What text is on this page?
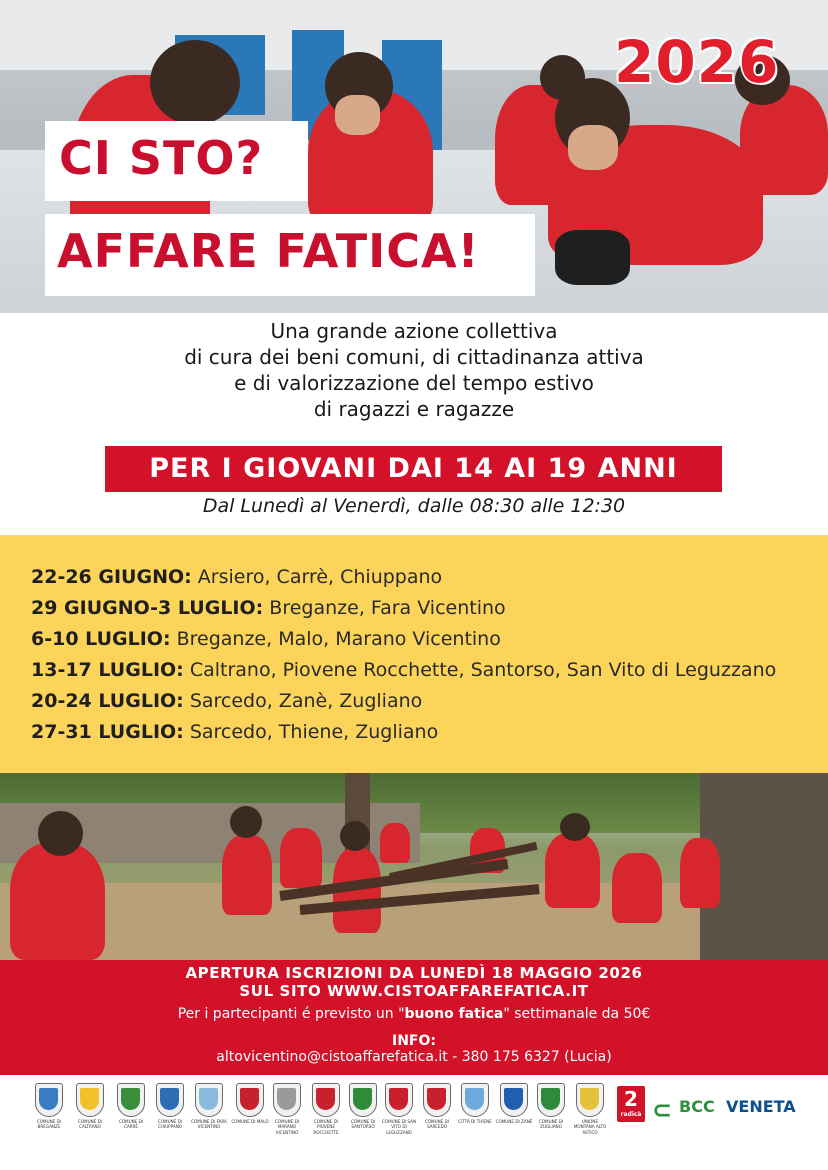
2026
CI STO?
AFFARE FATICA!
Una grande azione collettiva
di cura dei beni comuni, di cittadinanza attiva
e di valorizzazione del tempo estivo
di ragazzi e ragazze
PER I GIOVANI DAI 14 AI 19 ANNI
Dal Lunedì al Venerdì, dalle 08:30 alle 12:30
22-26 GIUGNO: Arsiero, Carrè, Chiuppano
29 GIUGNO-3 LUGLIO: Breganze, Fara Vicentino
6-10 LUGLIO: Breganze, Malo, Marano Vicentino
13-17 LUGLIO: Caltrano, Piovene Rocchette, Santorso, San Vito di Leguzzano
20-24 LUGLIO: Sarcedo, Zanè, Zugliano
27-31 LUGLIO: Sarcedo, Thiene, Zugliano
APERTURA ISCRIZIONI DA LUNEDÌ 18 MAGGIO 2026
SUL SITO WWW.CISTOAFFAREFATICA.IT
Per i partecipanti é previsto un "buono fatica" settimanale da 50€
INFO:
altovicentino@cistoaffarefatica.it - 380 175 6327 (Lucia)
COMUNE DI BREGANZE
COMUNE DI CALTRANO
COMUNE DI CARRÈ
COMUNE DI CHIUPPANO
COMUNE DI FARA VICENTINO
COMUNE DI MALO	COMUNE DI MARANO VICENTINO
COMUNE DI PIOVENE ROCCHETTE
COMUNE DI SANTORSO
COMUNE DI SAN VITO DI LEGUZZANO
COMUNE DI SARCEDO
CITTÀ DI THIENE COMUNE DI ZANÈ	COMUNE DI ZUGLIANO
UNIONE MONTANA ALTO ASTICO
2
radicà ⊂ BCC VENETA
